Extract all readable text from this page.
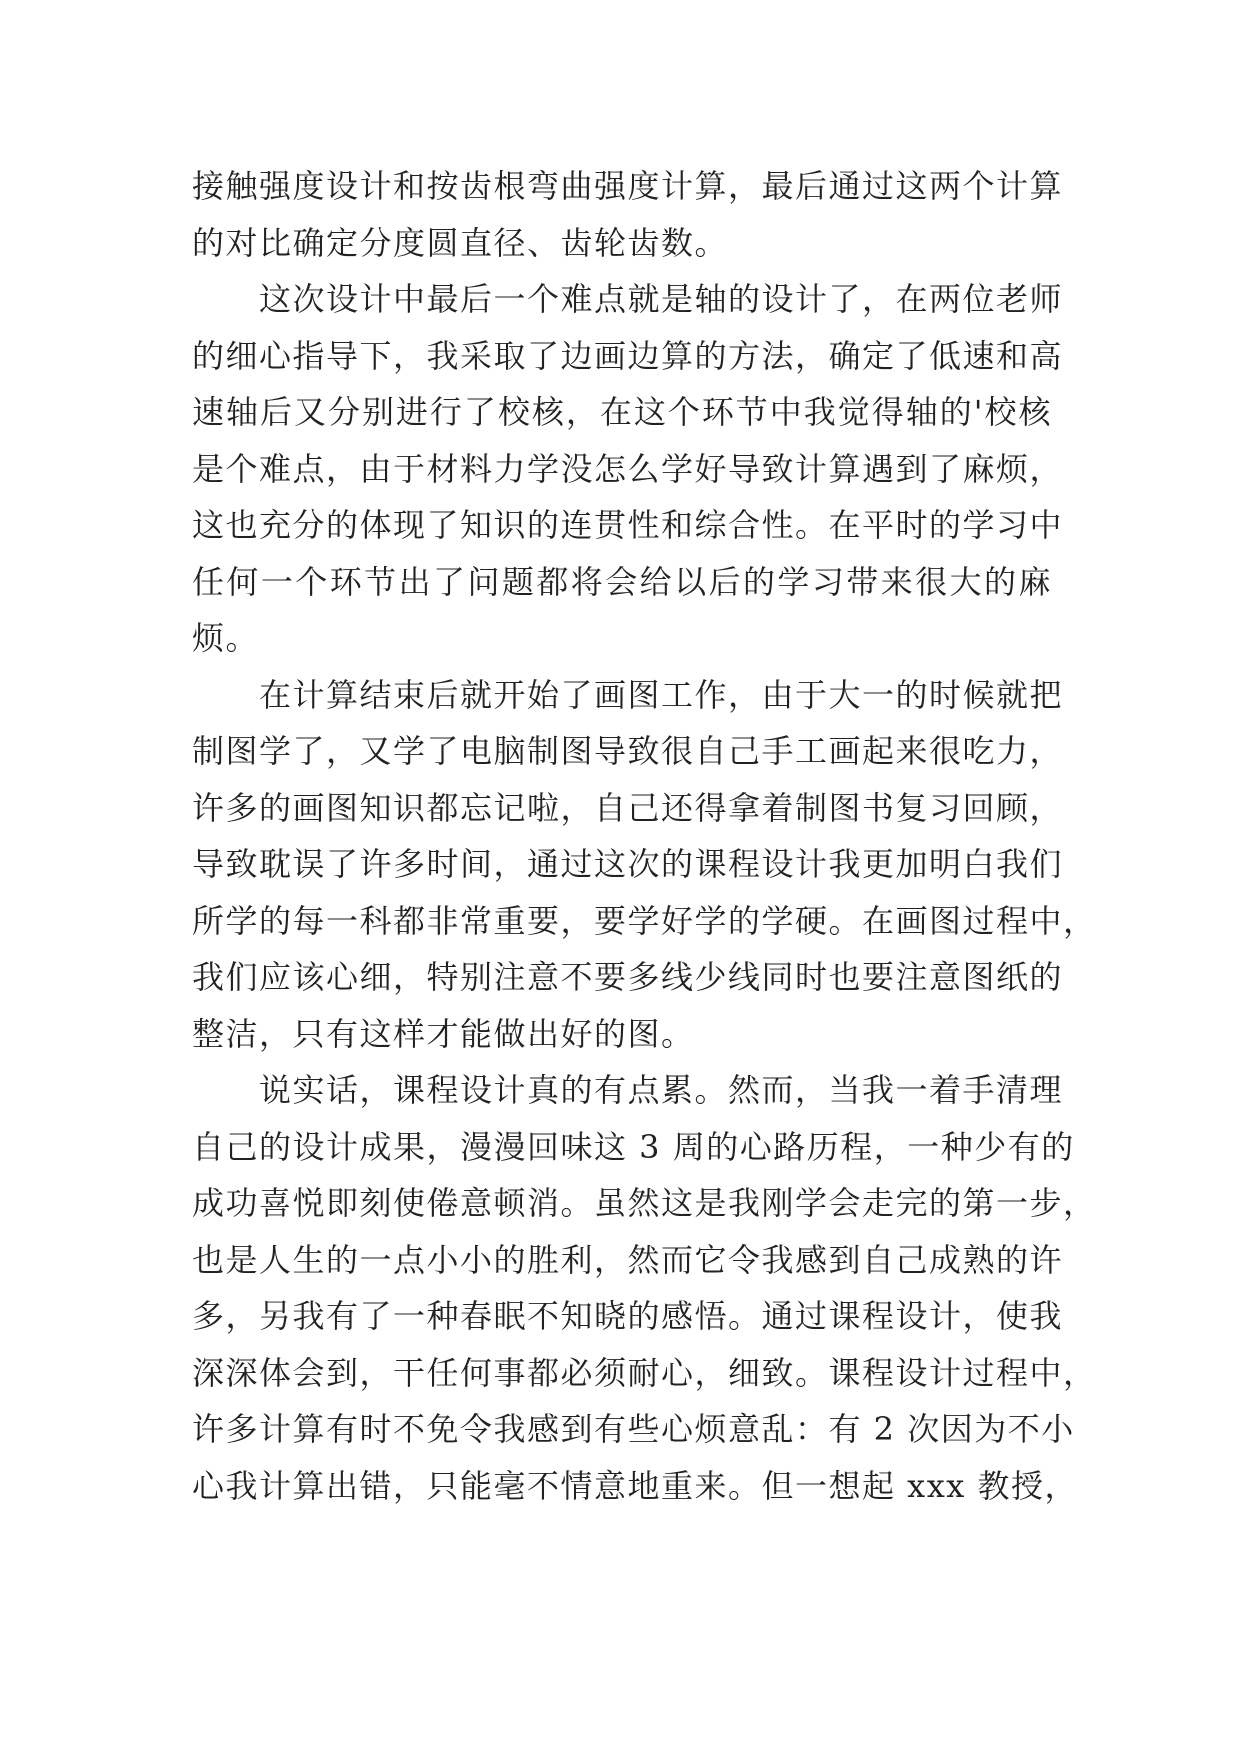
接触强度设计和按齿根弯曲强度计算，最后通过这两个计算
的对比确定分度圆直径、齿轮齿数。
　　这次设计中最后一个难点就是轴的设计了，在两位老师
的细心指导下，我采取了边画边算的方法，确定了低速和高
速轴后又分别进行了校核，在这个环节中我觉得轴的'校核
是个难点，由于材料力学没怎么学好导致计算遇到了麻烦，
这也充分的体现了知识的连贯性和综合性。在平时的学习中
任何一个环节出了问题都将会给以后的学习带来很大的麻
烦。
　　在计算结束后就开始了画图工作，由于大一的时候就把
制图学了，又学了电脑制图导致很自己手工画起来很吃力，
许多的画图知识都忘记啦，自己还得拿着制图书复习回顾，
导致耽误了许多时间，通过这次的课程设计我更加明白我们
所学的每一科都非常重要，要学好学的学硬。在画图过程中，
我们应该心细，特别注意不要多线少线同时也要注意图纸的
整洁，只有这样才能做出好的图。
　　说实话，课程设计真的有点累。然而，当我一着手清理
自己的设计成果，漫漫回味这 3 周的心路历程，一种少有的
成功喜悦即刻使倦意顿消。虽然这是我刚学会走完的第一步，
也是人生的一点小小的胜利，然而它令我感到自己成熟的许
多，另我有了一种春眠不知晓的感悟。通过课程设计，使我
深深体会到，干任何事都必须耐心，细致。课程设计过程中，
许多计算有时不免令我感到有些心烦意乱：有 2 次因为不小
心我计算出错，只能毫不情意地重来。但一想起 xxx 教授，
